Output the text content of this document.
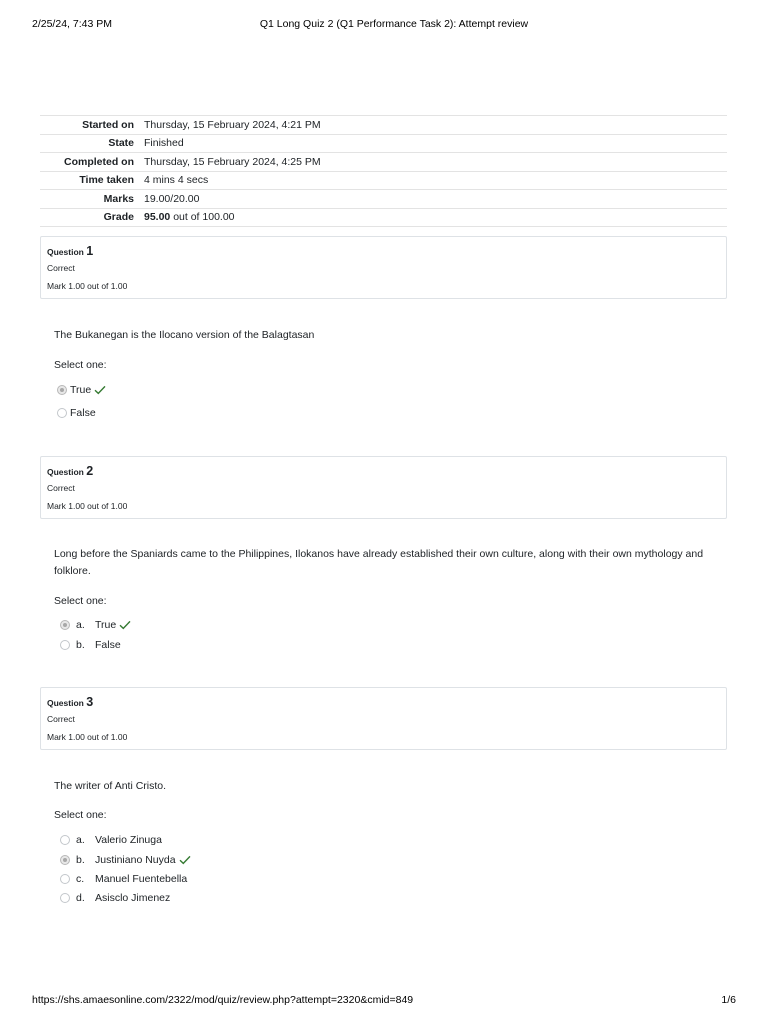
2/25/24, 7:43 PM	Q1 Long Quiz 2 (Q1 Performance Task 2): Attempt review
Started on	Thursday, 15 February 2024, 4:21 PM
State	Finished
Completed on	Thursday, 15 February 2024, 4:25 PM
Time taken	4 mins 4 secs
Marks	19.00/20.00
Grade	95.00 out of 100.00
Question 1
Correct
Mark 1.00 out of 1.00
The Bukanegan is the Ilocano version of the Balagtasan
Select one:
True
False
Question 2
Correct
Mark 1.00 out of 1.00
Long before the Spaniards came to the Philippines, Ilokanos have already established their own culture, along with their own mythology and folklore.
Select one:
a. True
b. False
Question 3
Correct
Mark 1.00 out of 1.00
The writer of Anti Cristo.
Select one:
a. Valerio Zinuga
b. Justiniano Nuyda
c.	Manuel Fuentebella
d. Asisclo Jimenez
https://shs.amaesonline.com/2322/mod/quiz/review.php?attempt=2320&cmid=849	1/6
